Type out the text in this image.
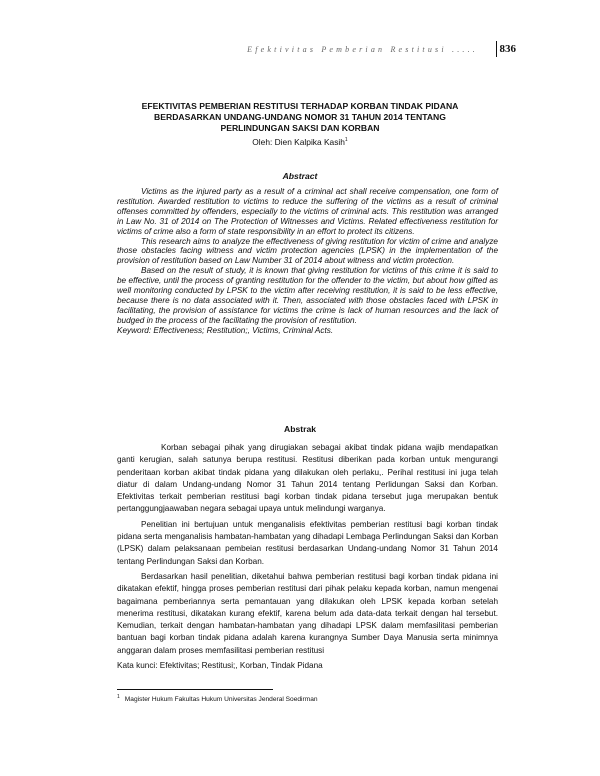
Efektivitas Pemberian Restitusi .....	836
EFEKTIVITAS PEMBERIAN RESTITUSI TERHADAP KORBAN TINDAK PIDANA
BERDASARKAN UNDANG-UNDANG NOMOR 31 TAHUN 2014 TENTANG
PERLINDUNGAN SAKSI DAN KORBAN
Oleh: Dien Kalpika Kasih$^1$
Abstract

Victims as the injured party as a result of a criminal act shall receive compensation, one form of restitution. Awarded restitution to victims to reduce the suffering of the victims as a result of criminal offenses committed by offenders, especially to the victims of criminal acts. This restitution was arranged in Law No. 31 of 2014 on The Protection of Witnesses and Victims. Related effectiveness restitution for victims of crime also a form of state responsibility in an effort to protect its citizens.

This research aims to analyze the effectiveness of giving restitution for victim of crime and analyze those obstacles facing witness and victim protection agencies (LPSK) in the implementation of the provision of restitution based on Law Number 31 of 2014 about witness and victim protection.

Based on the result of study, it is known that giving restitution for victims of this crime it is said to be effective, until the process of granting restitution for the offender to the victim, but about how gifted as well monitoring conducted by LPSK to the victim after receiving restitution, it is said to be less effective, because there is no data associated with it. Then, associated with those obstacles faced with LPSK in facilitating, the provision of assistance for victims the crime is lack of human resources and the lack of budged in the process of the facilitating the provision of restitution.

Keyword: Effectiveness; Restitution;, Victims, Criminal Acts.

Abstrak

Korban sebagai pihak yang dirugiakan sebagai akibat tindak pidana wajib mendapatkan ganti kerugian, salah satunya berupa restitusi. Restitusi diberikan pada korban untuk mengurangi penderitaan korban akibat tindak pidana yang dilakukan oleh perlaku,. Perihal restitusi ini juga telah diatur di dalam Undang-undang Nomor 31 Tahun 2014 tentang Perlidungan Saksi dan Korban. Efektivitas terkait pemberian restitusi bagi korban tindak pidana tersebut juga merupakan bentuk pertanggungjaawaban negara sebagai upaya untuk melindungi warganya.

Penelitian ini bertujuan untuk menganalisis efektivitas pemberian restitusi bagi korban tindak pidana serta menganalisis hambatan-hambatan yang dihadapi Lembaga Perlindungan Saksi dan Korban (LPSK) dalam pelaksanaan pembeian restitusi berdasarkan Undang-undang Nomor 31 Tahun 2014 tentang Perlindungan Saksi dan Korban.

Berdasarkan hasil penelitian, diketahui bahwa pemberian restitusi bagi korban tindak pidana ini dikatakan efektif, hingga proses pemberian restitusi dari pihak pelaku kepada korban, namun mengenai bagaimana pemberiannya serta pemantauan yang dilakukan oleh LPSK kepada korban setelah menerima restitusi, dikatakan kurang efektif, karena belum ada data-data terkait dengan hal tersebut. Kemudian, terkait dengan hambatan-hambatan yang dihadapi LPSK dalam memfasilitasi pemberian bantuan bagi korban tindak pidana adalah karena kurangnya Sumber Daya Manusia serta minimnya anggaran dalam proses memfasilitasi pemberian restitusi

Kata kunci: Efektivitas; Restitusi;, Korban, Tindak Pidana

$^1$ Magister Hukum Fakultas Hukum Universitas Jenderal Soedirman
